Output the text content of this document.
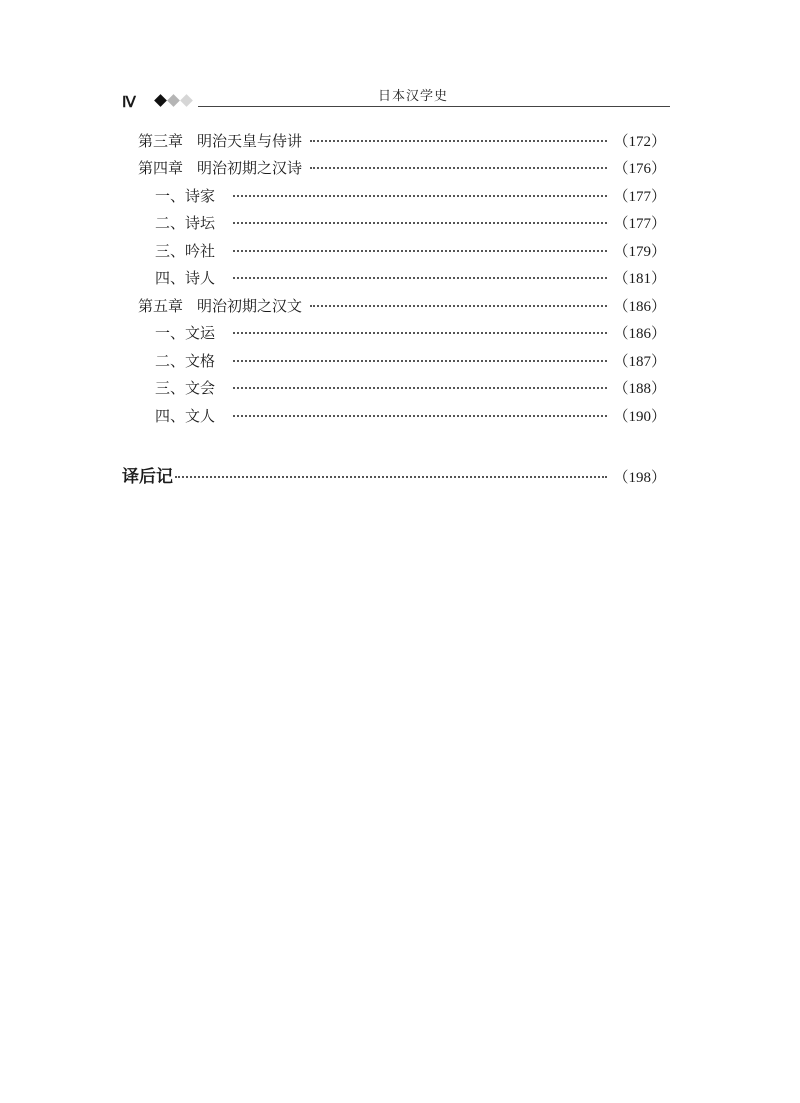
Ⅳ	日本汉学史
第三章 明治天皇与侍讲	（172）
第四章 明治初期之汉诗	（176）
一、诗家	（177）
二、诗坛	（177）
三、吟社	（179）
四、诗人	（181）
第五章 明治初期之汉文	（186）
一、文运	（186）
二、文格	（187）
三、文会	（188）
四、文人	（190）
译后记	（198）
